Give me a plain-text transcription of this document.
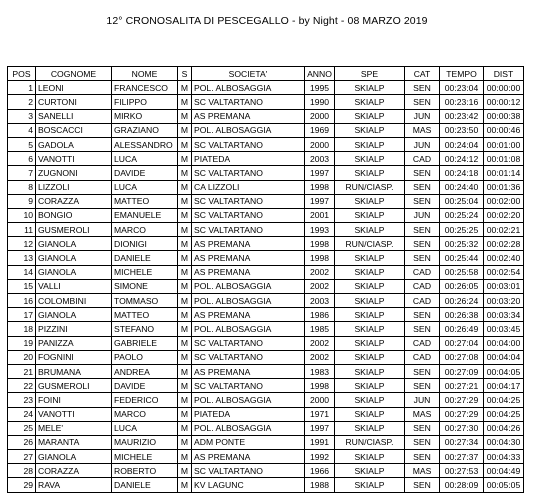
12° CRONOSALITA DI PESCEGALLO - by Night - 08 MARZO 2019
POS	COGNOME	NOME	S	SOCIETA'	ANNO	SPE	CAT	TEMPO	DIST
1	LEONI	FRANCESCO	M	POL. ALBOSAGGIA	1995	SKIALP	SEN	00:23:04	00:00:00
2	CURTONI	FILIPPO	M	SC VALTARTANO	1990	SKIALP	SEN	00:23:16	00:00:12
3	SANELLI	MIRKO	M	AS PREMANA	2000	SKIALP	JUN	00:23:42	00:00:38
4	BOSCACCI	GRAZIANO	M	POL. ALBOSAGGIA	1969	SKIALP	MAS	00:23:50	00:00:46
5	GADOLA	ALESSANDRO	M	SC VALTARTANO	2000	SKIALP	JUN	00:24:04	00:01:00
6	VANOTTI	LUCA	M	PIATEDA	2003	SKIALP	CAD	00:24:12	00:01:08
7	ZUGNONI	DAVIDE	M	SC VALTARTANO	1997	SKIALP	SEN	00:24:18	00:01:14
8	LIZZOLI	LUCA	M	CA LIZZOLI	1998	RUN/CIASP.	SEN	00:24:40	00:01:36
9	CORAZZA	MATTEO	M	SC VALTARTANO	1997	SKIALP	SEN	00:25:04	00:02:00
10	BONGIO	EMANUELE	M	SC VALTARTANO	2001	SKIALP	JUN	00:25:24	00:02:20
11	GUSMEROLI	MARCO	M	SC VALTARTANO	1993	SKIALP	SEN	00:25:25	00:02:21
12	GIANOLA	DIONIGI	M	AS PREMANA	1998	RUN/CIASP.	SEN	00:25:32	00:02:28
13	GIANOLA	DANIELE	M	AS PREMANA	1998	SKIALP	SEN	00:25:44	00:02:40
14	GIANOLA	MICHELE	M	AS PREMANA	2002	SKIALP	CAD	00:25:58	00:02:54
15	VALLI	SIMONE	M	POL. ALBOSAGGIA	2002	SKIALP	CAD	00:26:05	00:03:01
16	COLOMBINI	TOMMASO	M	POL. ALBOSAGGIA	2003	SKIALP	CAD	00:26:24	00:03:20
17	GIANOLA	MATTEO	M	AS PREMANA	1986	SKIALP	SEN	00:26:38	00:03:34
18	PIZZINI	STEFANO	M	POL. ALBOSAGGIA	1985	SKIALP	SEN	00:26:49	00:03:45
19	PANIZZA	GABRIELE	M	SC VALTARTANO	2002	SKIALP	CAD	00:27:04	00:04:00
20	FOGNINI	PAOLO	M	SC VALTARTANO	2002	SKIALP	CAD	00:27:08	00:04:04
21	BRUMANA	ANDREA	M	AS PREMANA	1983	SKIALP	SEN	00:27:09	00:04:05
22	GUSMEROLI	DAVIDE	M	SC VALTARTANO	1998	SKIALP	SEN	00:27:21	00:04:17
23	FOINI	FEDERICO	M	POL. ALBOSAGGIA	2000	SKIALP	JUN	00:27:29	00:04:25
24	VANOTTI	MARCO	M	PIATEDA	1971	SKIALP	MAS	00:27:29	00:04:25
25	MELE'	LUCA	M	POL. ALBOSAGGIA	1997	SKIALP	SEN	00:27:30	00:04:26
26	MARANTA	MAURIZIO	M	ADM PONTE	1991	RUN/CIASP.	SEN	00:27:34	00:04:30
27	GIANOLA	MICHELE	M	AS PREMANA	1992	SKIALP	SEN	00:27:37	00:04:33
28	CORAZZA	ROBERTO	M	SC VALTARTANO	1966	SKIALP	MAS	00:27:53	00:04:49
29	RAVA	DANIELE	M	KV LAGUNC	1988	SKIALP	SEN	00:28:09	00:05:05
